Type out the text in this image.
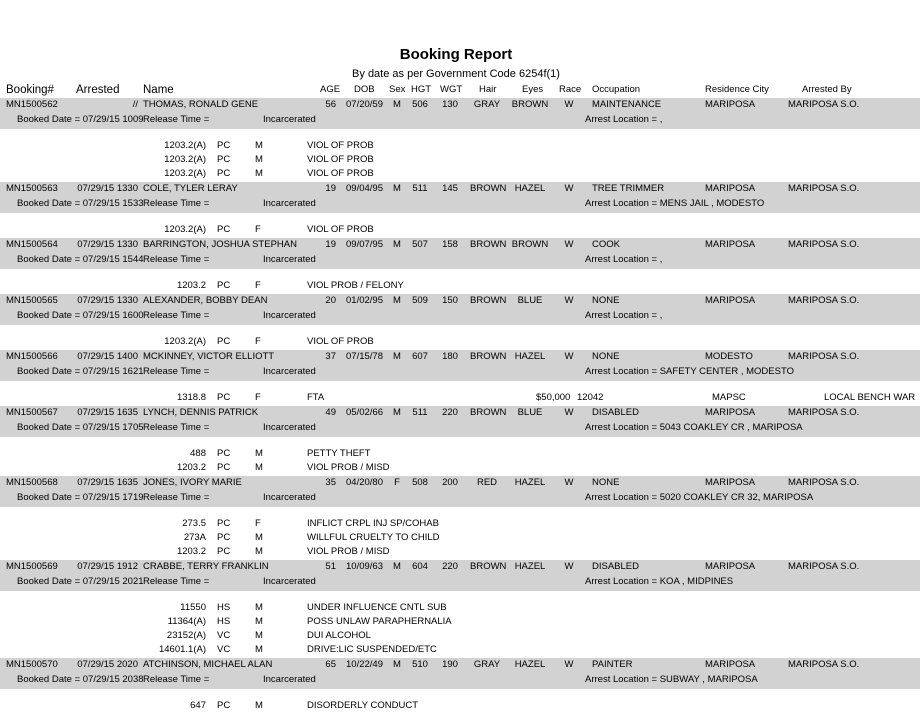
Booking Report
By date as per Government Code 6254f(1)
Booking# Arrested Name	AGE DOB Sex HGT WGT Hair	Eyes Race Occupation	Residence City	Arrested By
MN1500562	// THOMAS, RONALD GENE	56 07/20/59	M	506 130	GRAY	BROWN W MAINTENANCE	MARIPOSA	MARIPOSA S.O.
Booked Date = 07/29/15 1009 Release Time =	Incarcerated	Arrest Location = ,
1203.2(A) PC	M	VIOL OF PROB
1203.2(A) PC	M	VIOL OF PROB
1203.2(A) PC	M	VIOL OF PROB
MN1500563	07/29/15 1330 COLE, TYLER LERAY	19 09/04/95	M	511 145 BROWN HAZEL	W TREE TRIMMER	MARIPOSA	MARIPOSA S.O.
Booked Date = 07/29/15 1533 Release Time =	Incarcerated	Arrest Location = MENS JAIL , MODESTO
1203.2(A) PC	F	VIOL OF PROB
MN1500564	07/29/15 1330 BARRINGTON, JOSHUA STEPHAN	19 09/07/95	M	507 158 BROWN BROWN W COOK	MARIPOSA	MARIPOSA S.O.
Booked Date = 07/29/15 1544 Release Time =	Incarcerated	Arrest Location = ,
1203.2 PC	F	VIOL PROB / FELONY
MN1500565	07/29/15 1330 ALEXANDER, BOBBY DEAN	20 01/02/95	M	509 150 BROWN	BLUE	W NONE	MARIPOSA	MARIPOSA S.O.
Booked Date = 07/29/15 1600 Release Time =	Incarcerated	Arrest Location = ,
1203.2(A) PC	F	VIOL OF PROB
MN1500566	07/29/15 1400 MCKINNEY, VICTOR ELLIOTT	37 07/15/78	M	607 180 BROWN HAZEL	W NONE	MODESTO	MARIPOSA S.O.
Booked Date = 07/29/15 1621 Release Time =	Incarcerated	Arrest Location = SAFETY CENTER , MODESTO
1318.8 PC	F	FTA	$50,000 12042	MAPSC	LOCAL BENCH WAR
MN1500567	07/29/15 1635 LYNCH, DENNIS PATRICK	49 05/02/66	M	511 220 BROWN	BLUE	W DISABLED	MARIPOSA	MARIPOSA S.O.
Booked Date = 07/29/15 1705 Release Time =	Incarcerated	Arrest Location = 5043 COAKLEY CR , MARIPOSA
488 PC	M	PETTY THEFT
1203.2 PC	M	VIOL PROB / MISD
MN1500568	07/29/15 1635 JONES, IVORY MARIE	35 04/20/80	F	508 200	RED	HAZEL	W NONE	MARIPOSA	MARIPOSA S.O.
Booked Date = 07/29/15 1719 Release Time =	Incarcerated	Arrest Location = 5020 COAKLEY CR 32, MARIPOSA
273.5 PC	F	INFLICT CRPL INJ SP/COHAB
273A PC	M	WILLFUL CRUELTY TO CHILD
1203.2 PC	M	VIOL PROB / MISD
MN1500569	07/29/15 1912 CRABBE, TERRY FRANKLIN	51 10/09/63	M	604 220 BROWN HAZEL	W DISABLED	MARIPOSA	MARIPOSA S.O.
Booked Date = 07/29/15 2021 Release Time =	Incarcerated	Arrest Location = KOA , MIDPINES
11550 HS	M	UNDER INFLUENCE CNTL SUB
11364(A) HS	M	POSS UNLAW PARAPHERNALIA
23152(A) VC	M	DUI ALCOHOL
14601.1(A) VC	M	DRIVE:LIC SUSPENDED/ETC
MN1500570	07/29/15 2020 ATCHINSON, MICHAEL ALAN	65 10/22/49	M	510 190	GRAY	HAZEL	W PAINTER	MARIPOSA	MARIPOSA S.O.
Booked Date = 07/29/15 2038 Release Time =	Incarcerated	Arrest Location = SUBWAY , MARIPOSA
647 PC	M	DISORDERLY CONDUCT
